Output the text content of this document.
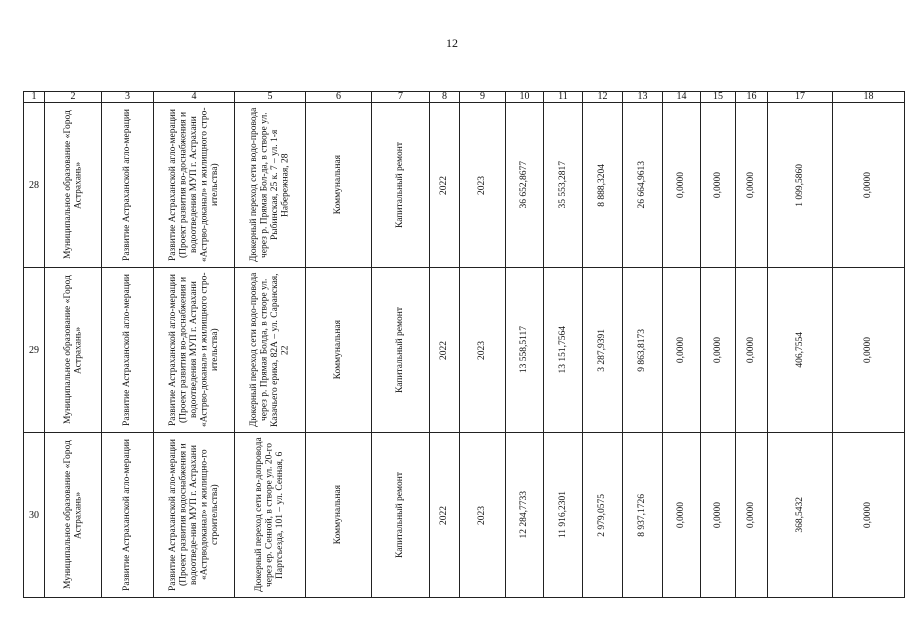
12
1	2	3	4	5	6	7	8	9	10	11	12	13	14	15	16	17	18
28	Муниципальное образование «Город Астрахань»	Развитие Астраханской агло-мерации	Развитие Астраханской агло-мерации (Проект развития во-доснабжения и водоотведения МУП г. Астрахани «Астрво-доканал» и жилищного стро-ительства)	Дюкерный переход сети водо-провода через р. Прямая Бол-да, в створе ул. Рыбинская, 25 к. 7 – ул. 1-я Набережная, 28	Коммунальная	Капитальный ремонт	2022	2023	36 652,8677	35 553,2817	8 888,3204	26 664,9613	0,0000	0,0000	0,0000	1 099,5860	0,0000

29	Муниципальное образование «Город Астрахань»	Развитие Астраханской агло-мерации	Развитие Астраханской агло-мерации (Проект развития во-доснабжения и водоотведения МУП г. Астрахани «Астрво-доканал» и жилищного стро-ительства)	Дюкерный переход сети водо-провода через р. Прямая Болда, в створе ул. Казачьего ерика, 82А – ул. Саранская, 22	Коммунальная	Капитальный ремонт	2022	2023	13 558,5117	13 151,7564	3 287,9391	9 863,8173	0,0000	0,0000	0,0000	406,7554	0,0000

30	Муниципальное образование «Город Астрахань»	Развитие Астраханской агло-мерации	Развитие Астраханской агло-мерации (Проект развития водоснабжения и водоотведе-ния МУП г. Астрахани «Астрводоканал» и жилищно-го строительства)	Дюкерный переход сети во-допровода через ер. Сенной, в створе ул. 20-го Партсъезда, 101 – ул. Сенная, 6	Коммунальная	Капитальный ремонт	2022	2023	12 284,7733	11 916,2301	2 979,0575	8 937,1726	0,0000	0,0000	0,0000	368,5432	0,0000
